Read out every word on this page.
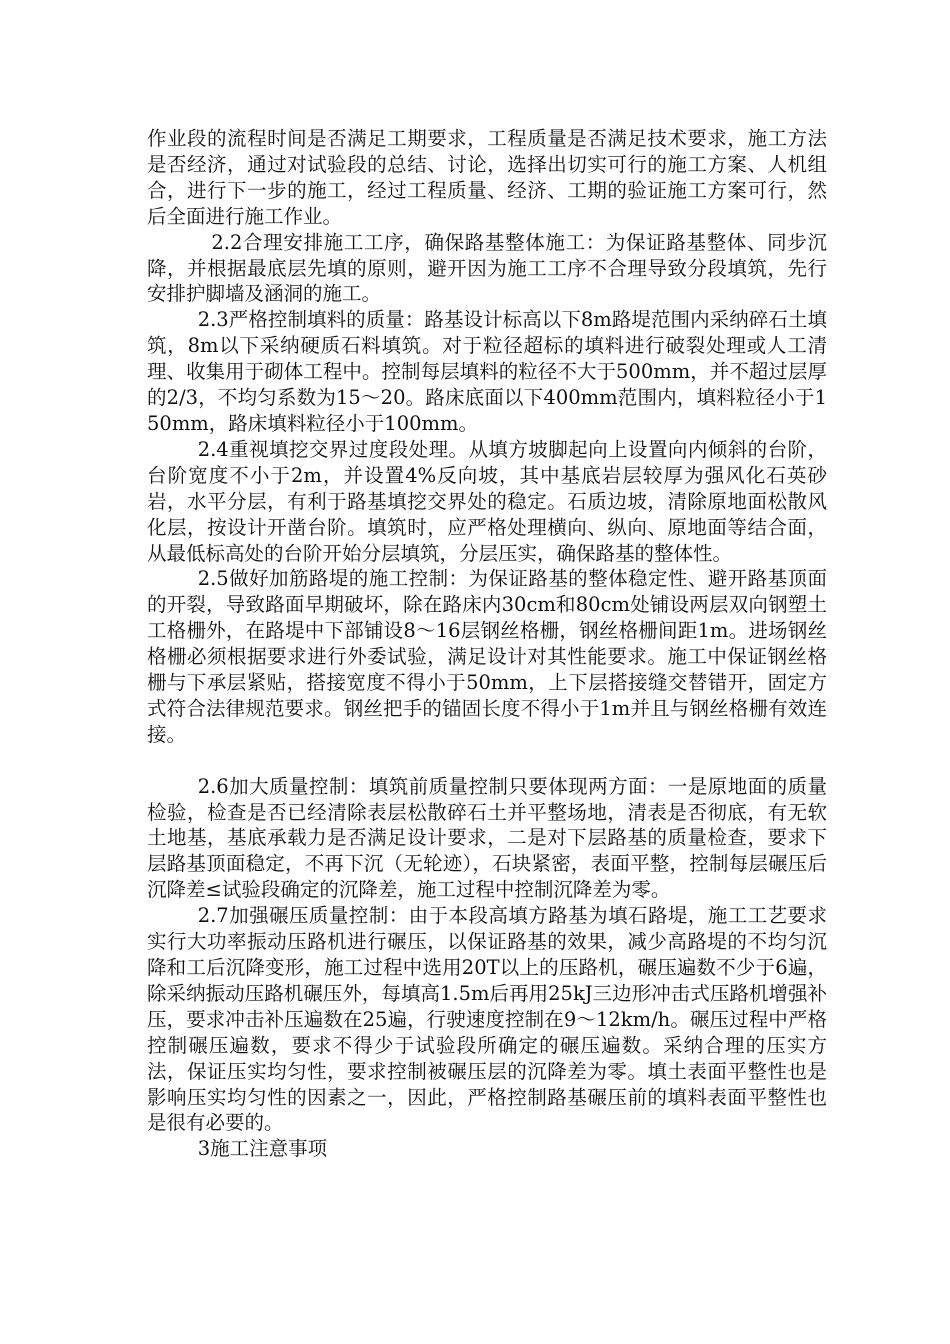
作业段的流程时间是否满足工期要求，工程质量是否满足技术要求，施工方法是否经济，通过对试验段的总结、讨论，选择出切实可行的施工方案、人机组合，进行下一步的施工，经过工程质量、经济、工期的验证施工方案可行，然后全面进行施工作业。

2.2合理安排施工工序，确保路基整体施工：为保证路基整体、同步沉降，并根据最底层先填的原则，避开因为施工工序不合理导致分段填筑，先行安排护脚墙及涵洞的施工。

2.3严格控制填料的质量：路基设计标高以下8m路堤范围内采纳碎石土填筑，8m以下采纳硬质石料填筑。对于粒径超标的填料进行破裂处理或人工清理、收集用于砌体工程中。控制每层填料的粒径不大于500mm，并不超过层厚的2/3，不均匀系数为15～20。路床底面以下400mm范围内，填料粒径小于150mm，路床填料粒径小于100mm。

2.4重视填挖交界过度段处理。从填方坡脚起向上设置向内倾斜的台阶，台阶宽度不小于2m，并设置4%反向坡，其中基底岩层较厚为强风化石英砂岩，水平分层，有利于路基填挖交界处的稳定。石质边坡，清除原地面松散风化层，按设计开凿台阶。填筑时，应严格处理横向、纵向、原地面等结合面，从最低标高处的台阶开始分层填筑，分层压实，确保路基的整体性。

2.5做好加筋路堤的施工控制：为保证路基的整体稳定性、避开路基顶面的开裂，导致路面早期破坏，除在路床内30cm和80cm处铺设两层双向钢塑土工格栅外，在路堤中下部铺设8～16层钢丝格栅，钢丝格栅间距1m。进场钢丝格栅必须根据要求进行外委试验，满足设计对其性能要求。施工中保证钢丝格栅与下承层紧贴，搭接宽度不得小于50mm，上下层搭接缝交替错开，固定方式符合法律规范要求。钢丝把手的锚固长度不得小于1m并且与钢丝格栅有效连接。

2.6加大质量控制：填筑前质量控制只要体现两方面：一是原地面的质量检验，检查是否已经清除表层松散碎石土并平整场地，清表是否彻底，有无软土地基，基底承载力是否满足设计要求，二是对下层路基的质量检查，要求下层路基顶面稳定，不再下沉（无轮迹），石块紧密，表面平整，控制每层碾压后沉降差≤试验段确定的沉降差，施工过程中控制沉降差为零。

2.7加强碾压质量控制：由于本段高填方路基为填石路堤，施工工艺要求实行大功率振动压路机进行碾压，以保证路基的效果，减少高路堤的不均匀沉降和工后沉降变形，施工过程中选用20T以上的压路机，碾压遍数不少于6遍，除采纳振动压路机碾压外，每填高1.5m后再用25kJ三边形冲击式压路机增强补压，要求冲击补压遍数在25遍，行驶速度控制在9～12km/h。碾压过程中严格控制碾压遍数，要求不得少于试验段所确定的碾压遍数。采纳合理的压实方法，保证压实均匀性，要求控制被碾压层的沉降差为零。填土表面平整性也是影响压实均匀性的因素之一，因此，严格控制路基碾压前的填料表面平整性也是很有必要的。

3施工注意事项
